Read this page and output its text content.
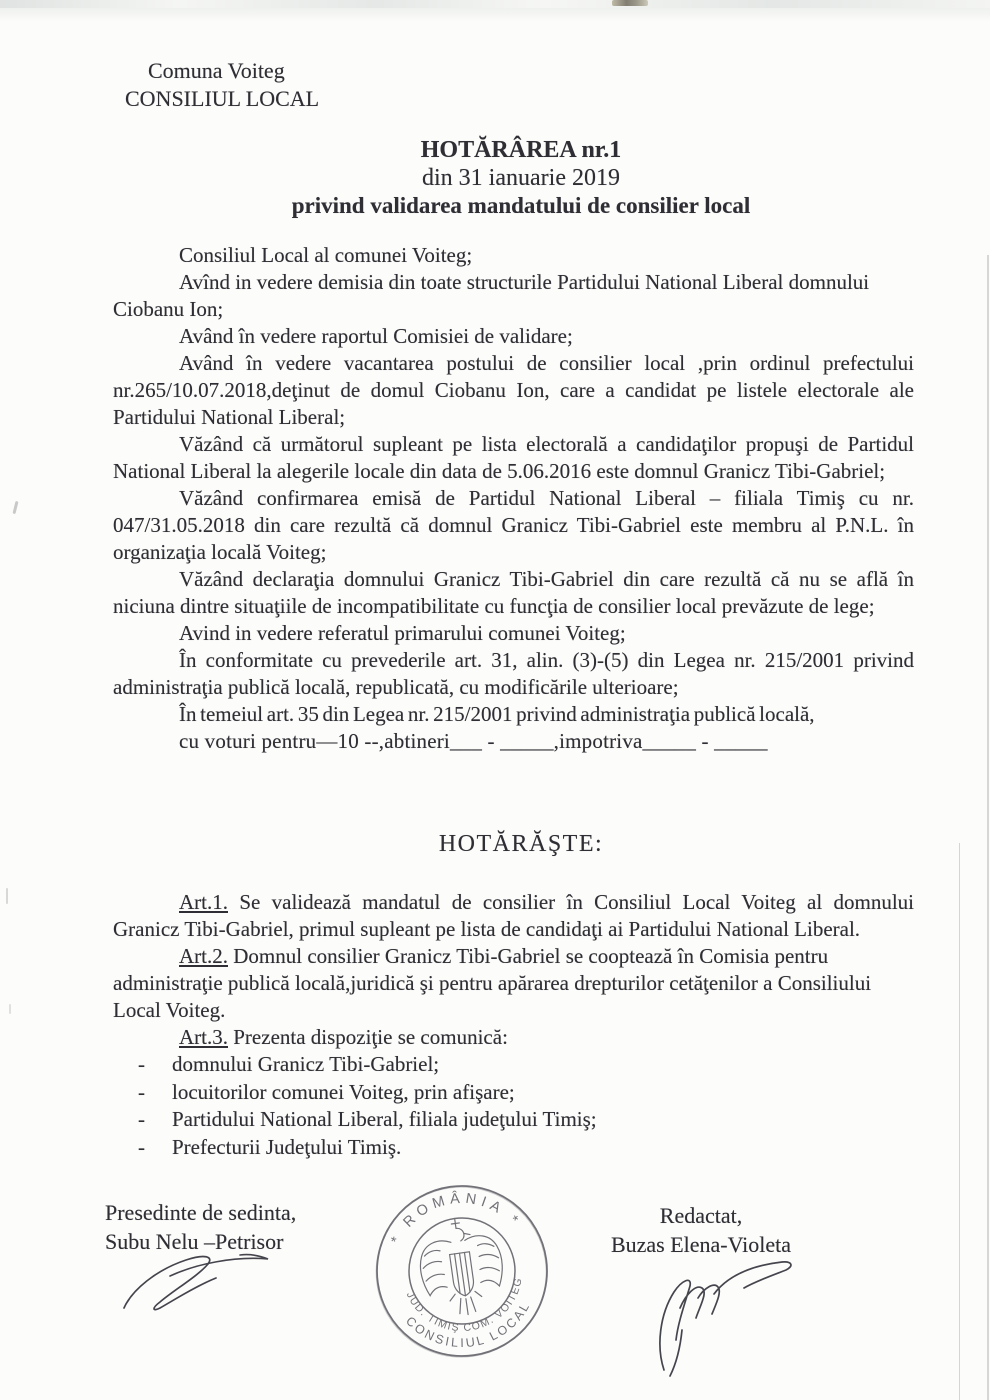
Comuna Voiteg
CONSILIUL LOCAL
HOTĂRÂREA nr.1
din 31 ianuarie 2019
privind validarea mandatului de consilier local

Consiliul Local al comunei Voiteg;

Avînd in vedere demisia din toate structurile Partidului National Liberal domnului Ciobanu Ion;

Având în vedere raportul Comisiei de validare;

Având în vedere vacantarea postului de consilier local ,prin ordinul prefectului nr.265/10.07.2018,deţinut de domul Ciobanu Ion, care a candidat pe listele electorale ale Partidului National Liberal;

Văzând că următorul supleant pe lista electorală a candidaţilor propuşi de Partidul National Liberal la alegerile locale din data de 5.06.2016 este domnul Granicz Tibi-Gabriel;

Văzând confirmarea emisă de Partidul National Liberal – filiala Timiş cu nr. 047/31.05.2018 din care rezultă că domnul Granicz Tibi-Gabriel este membru al P.N.L. în organizaţia locală Voiteg;

Văzând declaraţia domnului Granicz Tibi-Gabriel din care rezultă că nu se află în niciuna dintre situaţiile de incompatibilitate cu funcţia de consilier local prevăzute de lege;

Avind in vedere referatul primarului comunei Voiteg;

În conformitate cu prevederile art. 31, alin. (3)-(5) din Legea nr. 215/2001 privind administraţia publică locală, republicată, cu modificările ulterioare;

În temeiul art. 35 din Legea nr. 215/2001 privind administraţia publică locală,

cu voturi pentru—10 --,abtineri___ - _____,impotriva_____ - _____

HOTĂRĂŞTE:

Art.1. Se validează mandatul de consilier în Consiliul Local Voiteg al domnului Granicz Tibi-Gabriel, primul supleant pe lista de candidaţi ai Partidului National Liberal.

Art.2. Domnul consilier Granicz Tibi-Gabriel se cooptează în Comisia pentru administraţie publică locală,juridică şi pentru apărarea drepturilor cetăţenilor a Consiliului Local Voiteg.

Art.3. Prezenta dispoziţie se comunică:

- domnului Granicz Tibi-Gabriel;
- locuitorilor comunei Voiteg, prin afişare;
- Partidului National Liberal, filiala judeţului Timiş;
- Prefecturii Judeţului Timiş.
Presedinte de sedinta,
Subu Nelu –Petrisor
Redactat,
Buzas Elena-Violeta
* ROMÂNIA *
JUD. TIMIŞ COM. VOITEG
CONSILIUL LOCAL
